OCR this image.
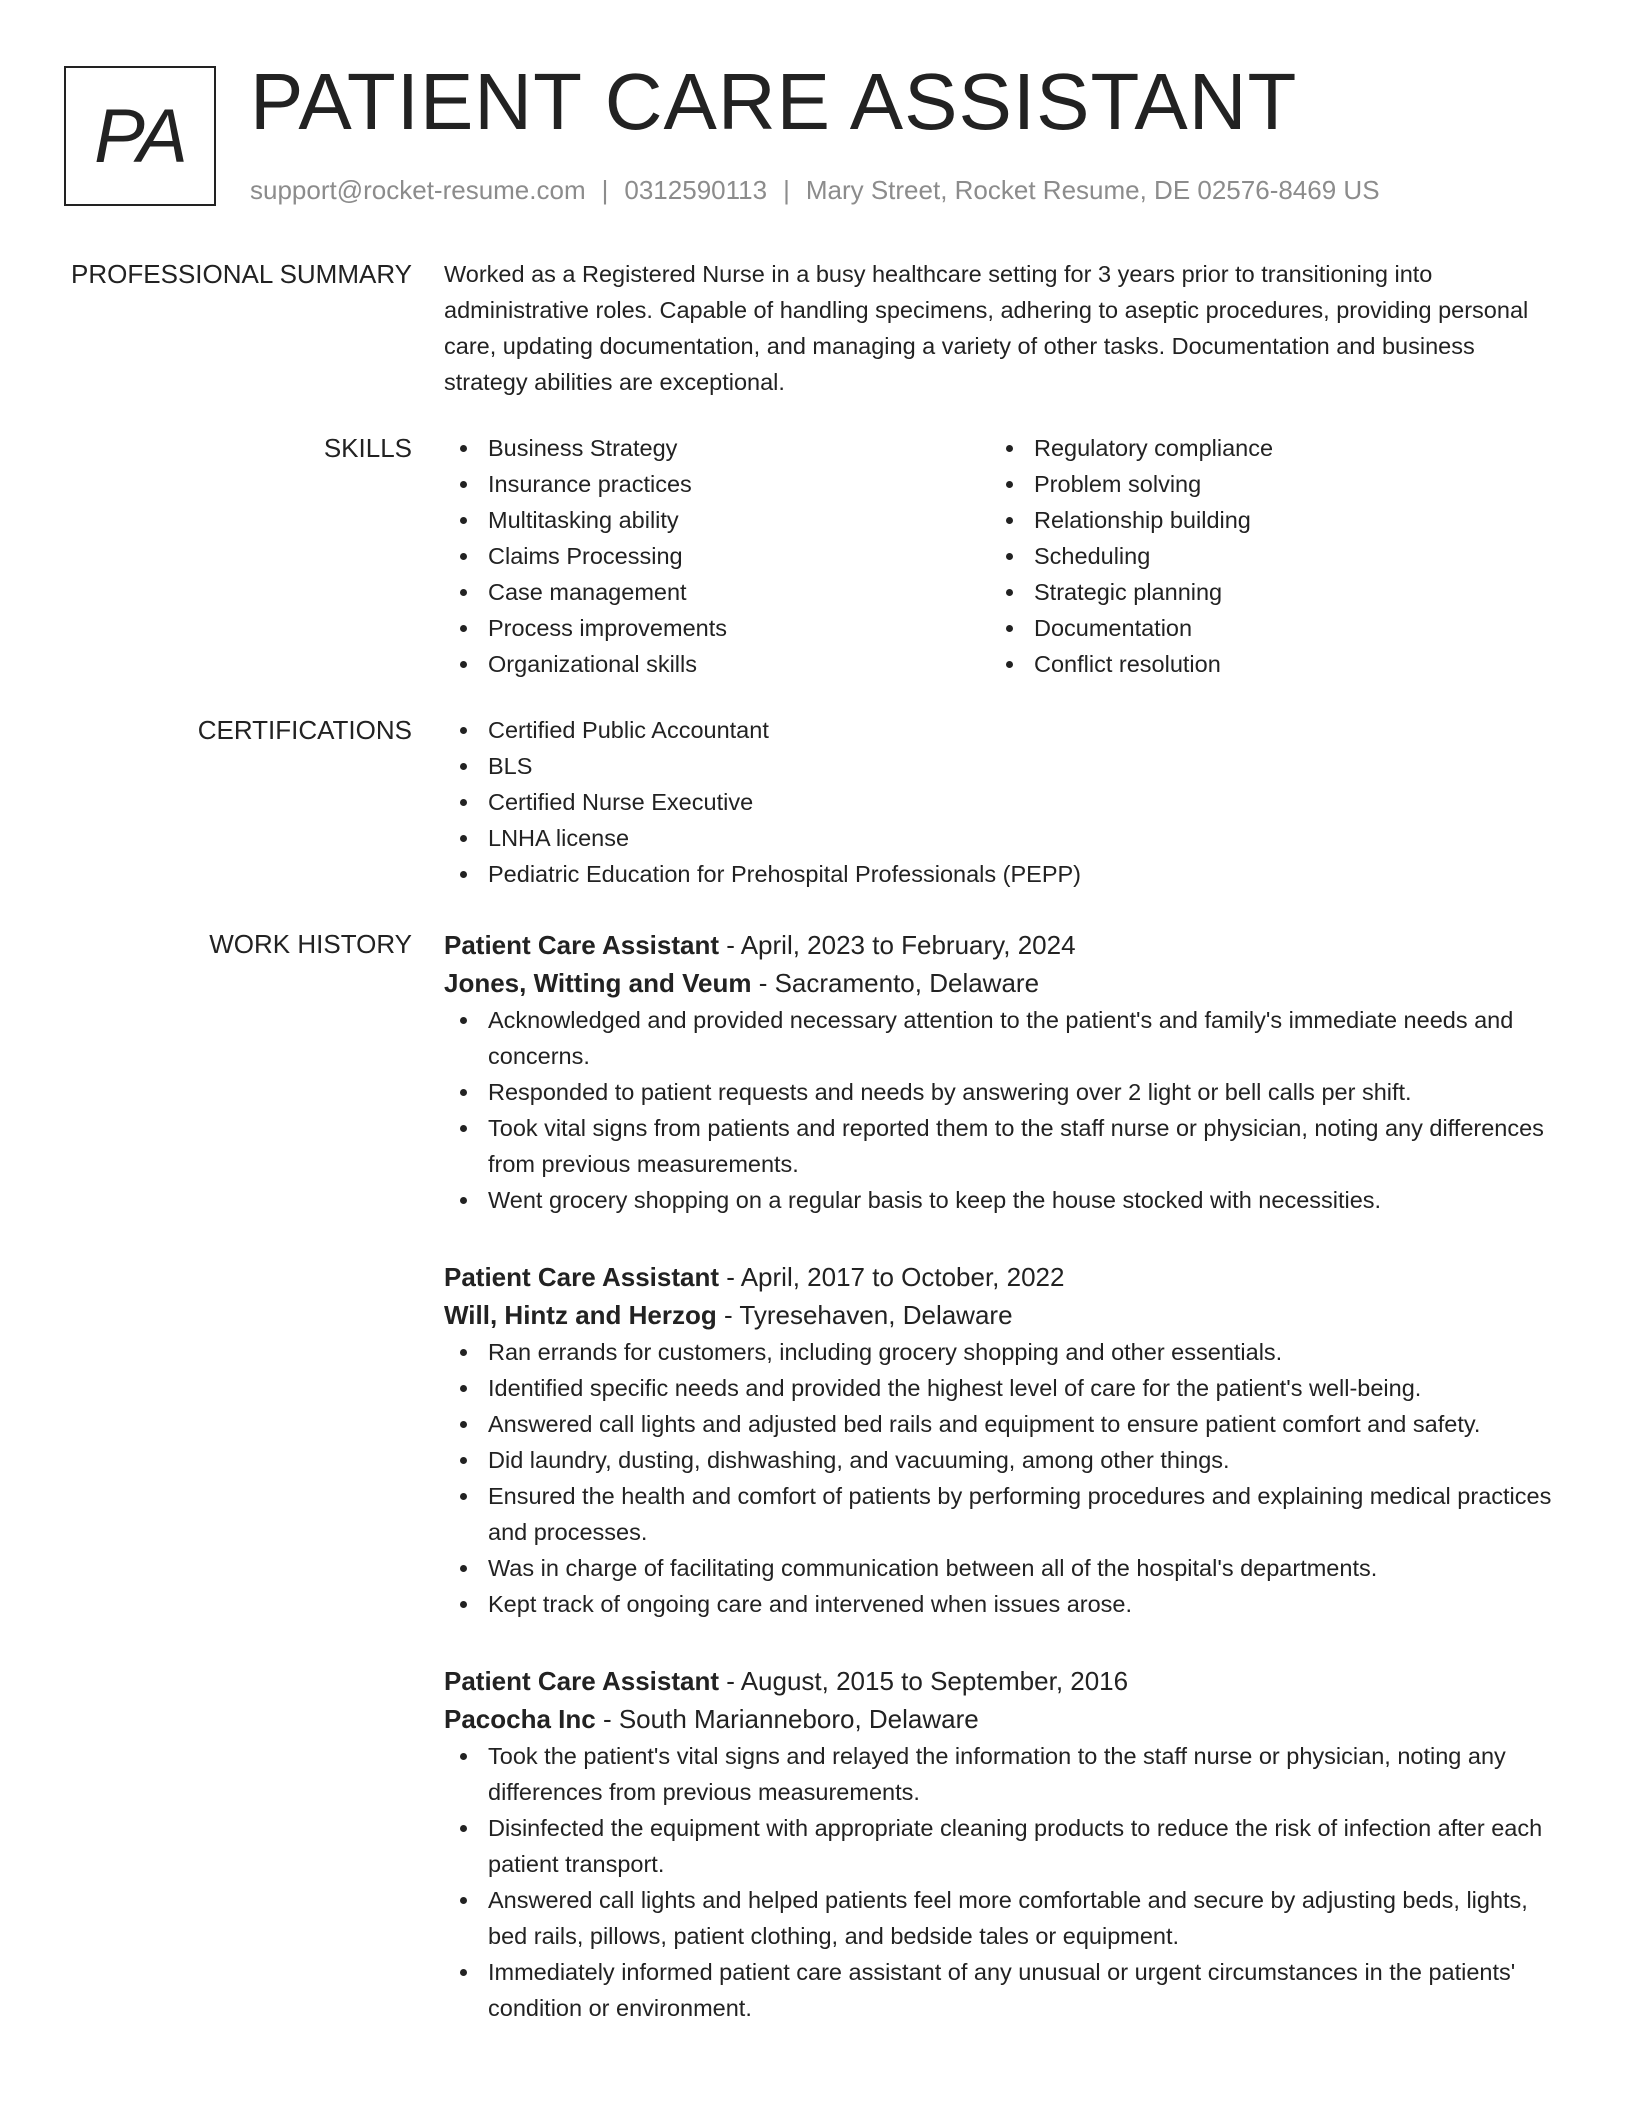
PA PATIENT CARE ASSISTANT
support@rocket-resume.com | 0312590113 | Mary Street, Rocket Resume, DE 02576-8469 US
PROFESSIONAL SUMMARY Worked as a Registered Nurse in a busy healthcare setting for 3 years prior to transitioning into administrative roles. Capable of handling specimens, adhering to aseptic procedures, providing personal care, updating documentation, and managing a variety of other tasks. Documentation and business strategy abilities are exceptional.

SKILLS	Business Strategy
Insurance practices
Multitasking ability
Claims Processing
Case management
Process improvements
Organizational skills
Regulatory compliance
Problem solving
Relationship building
Scheduling
Strategic planning
Documentation
Conflict resolution
CERTIFICATIONS	Certified Public Accountant
BLS
Certified Nurse Executive
LNHA license
Pediatric Education for Prehospital Professionals (PEPP)
WORK HISTORY Patient Care Assistant - April, 2023 to February, 2024
Jones, Witting and Veum - Sacramento, Delaware
Acknowledged and provided necessary attention to the patient's and family's immediate needs and concerns.
Responded to patient requests and needs by answering over 2 light or bell calls per shift.
Took vital signs from patients and reported them to the staff nurse or physician, noting any differences from previous measurements.
Went grocery shopping on a regular basis to keep the house stocked with necessities.
Patient Care Assistant - April, 2017 to October, 2022
Will, Hintz and Herzog - Tyresehaven, Delaware
Ran errands for customers, including grocery shopping and other essentials.
Identified specific needs and provided the highest level of care for the patient's well-being.
Answered call lights and adjusted bed rails and equipment to ensure patient comfort and safety.
Did laundry, dusting, dishwashing, and vacuuming, among other things.
Ensured the health and comfort of patients by performing procedures and explaining medical practices and processes.
Was in charge of facilitating communication between all of the hospital's departments.
Kept track of ongoing care and intervened when issues arose.
Patient Care Assistant - August, 2015 to September, 2016
Pacocha Inc - South Marianneboro, Delaware
Took the patient's vital signs and relayed the information to the staff nurse or physician, noting any differences from previous measurements.
Disinfected the equipment with appropriate cleaning products to reduce the risk of infection after each patient transport.
Answered call lights and helped patients feel more comfortable and secure by adjusting beds, lights, bed rails, pillows, patient clothing, and bedside tales or equipment.
Immediately informed patient care assistant of any unusual or urgent circumstances in the patients' condition or environment.
